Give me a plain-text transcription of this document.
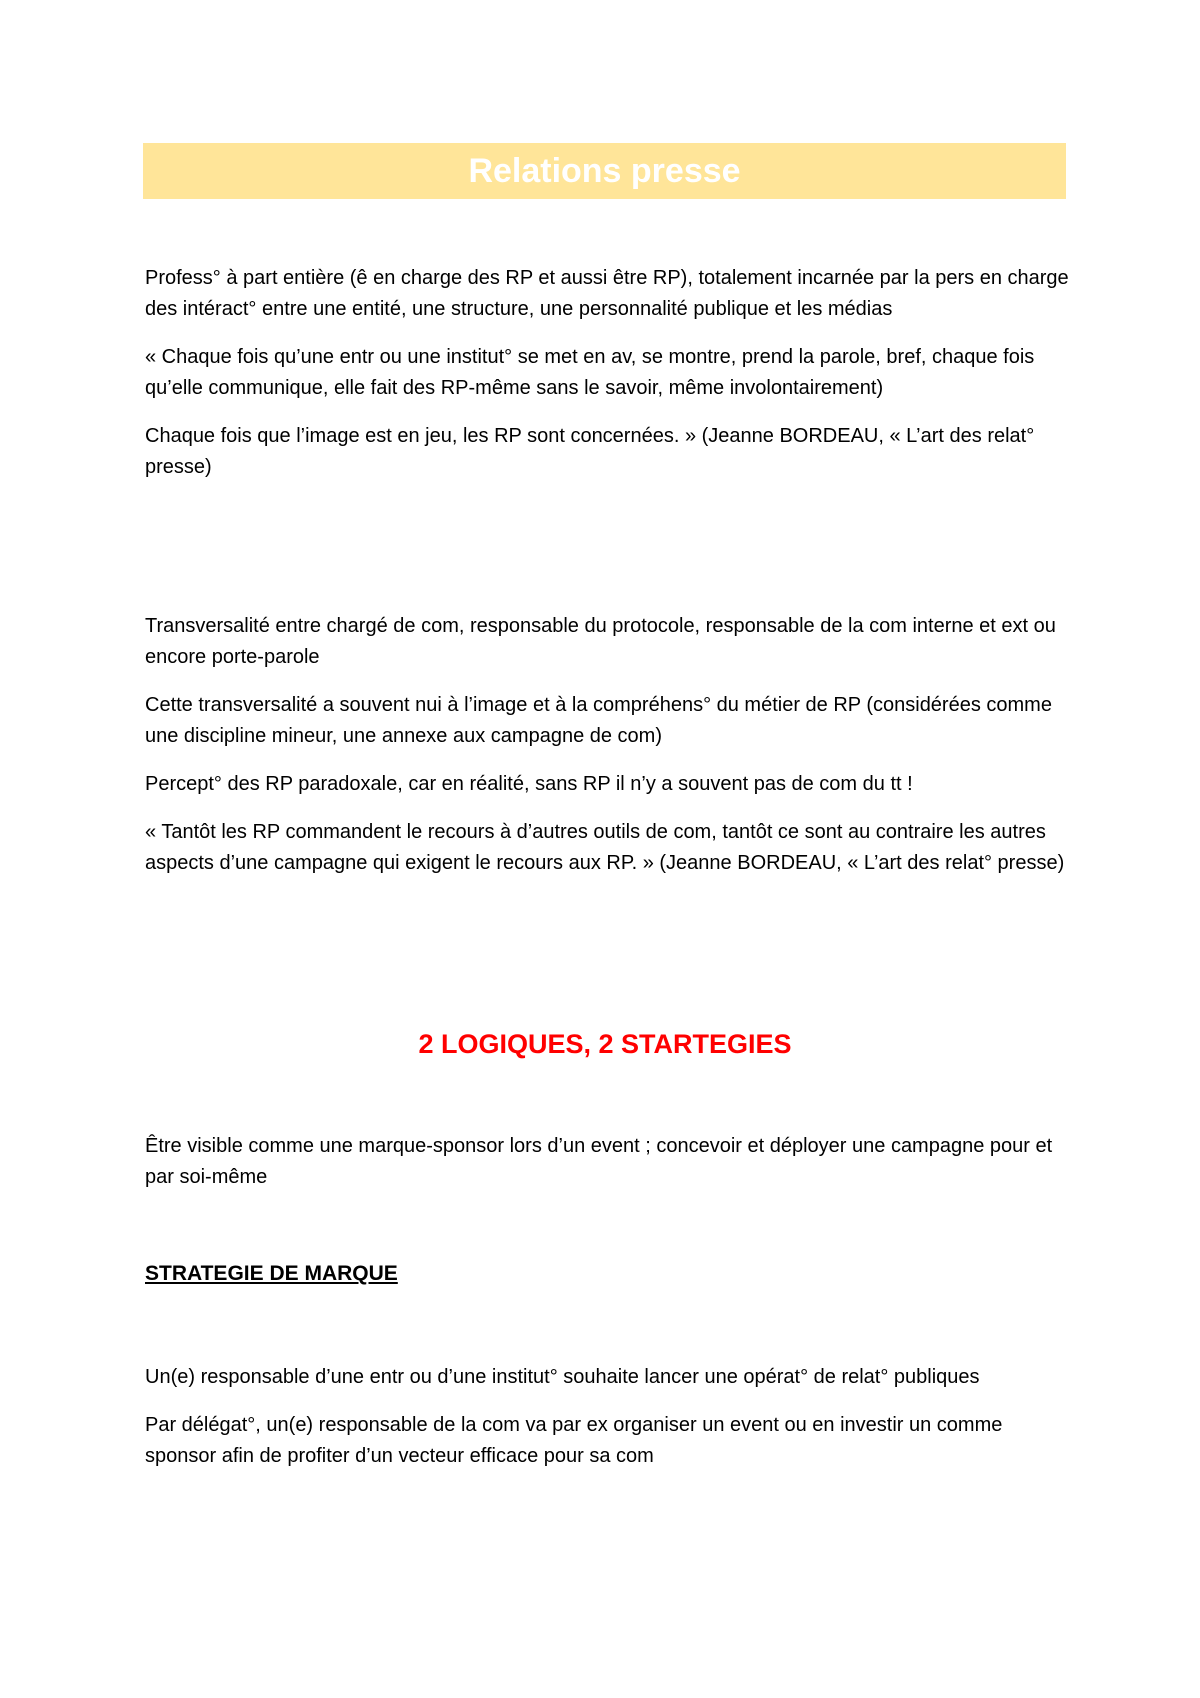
Relations presse

Profess° à part entière (ê en charge des RP et aussi être RP), totalement incarnée par la pers en charge des intéract° entre une entité, une structure, une personnalité publique et les médias

« Chaque fois qu’une entr ou une institut° se met en av, se montre, prend la parole, bref, chaque fois qu’elle communique, elle fait des RP-même sans le savoir, même involontairement)

Chaque fois que l’image est en jeu, les RP sont concernées. » (Jeanne BORDEAU, « L’art des relat° presse)

Transversalité entre chargé de com, responsable du protocole, responsable de la com interne et ext ou encore porte-parole

Cette transversalité a souvent nui à l’image et à la compréhens° du métier de RP (considérées comme une discipline mineur, une annexe aux campagne de com)

Percept° des RP paradoxale, car en réalité, sans RP il n’y a souvent pas de com du tt !

« Tantôt les RP commandent le recours à d’autres outils de com, tantôt ce sont au contraire les autres aspects d’une campagne qui exigent le recours aux RP. » (Jeanne BORDEAU, « L’art des relat° presse)

2 LOGIQUES, 2 STARTEGIES

Être visible comme une marque-sponsor lors d’un event ; concevoir et déployer une campagne pour et par soi-même

STRATEGIE DE MARQUE

Un(e) responsable d’une entr ou d’une institut° souhaite lancer une opérat° de relat° publiques

Par délégat°, un(e) responsable de la com va par ex organiser un event ou en investir un comme sponsor afin de profiter d’un vecteur efficace pour sa com
